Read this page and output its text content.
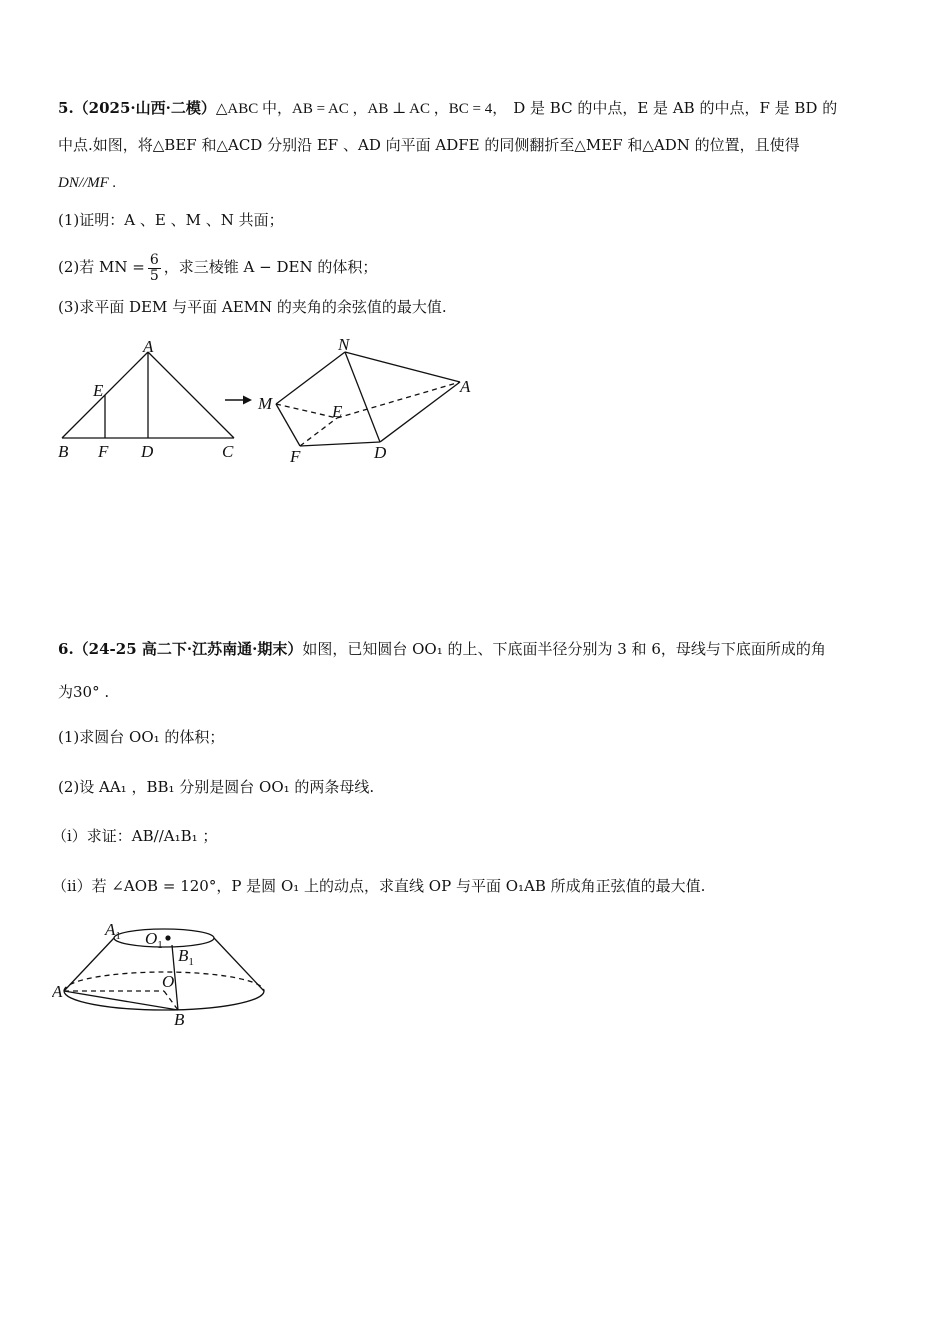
5.（2025·山西·二模）△ABC 中，AB = AC ，AB ⊥ AC ，BC = 4， D 是 BC 的中点，E 是 AB 的中点，F 是 BD 的
中点.如图，将△BEF 和△ACD 分别沿 EF 、AD 向平面 ADFE 的同侧翻折至△MEF 和△ADN 的位置，且使得
DN//MF .
(1)证明：A 、E 、M 、N 共面；
(2)若 MN = $\frac{6}{5}$ ，求三棱锥 A − DEN 的体积；
(3)求平面 DEM 与平面 AEMN 的夹角的余弦值的最大值.
A
E
B F D	C
N
M	E
A
F	D
6.（24-25 高二下·江苏南通·期末）如图，已知圆台 OO₁ 的上、下底面半径分别为 3 和 6，母线与下底面所成的角
为30° .
(1)求圆台 OO₁ 的体积；
(2)设 AA₁ ，BB₁ 分别是圆台 OO₁ 的两条母线.
（i）求证：AB//A₁B₁ ；
（ii）若 ∠AOB = 120°，P 是圆 O₁ 上的动点，求直线 OP 与平面 O₁AB 所成角正弦值的最大值.
$A_1$ $O_1$
$B_1$
O
A
B
